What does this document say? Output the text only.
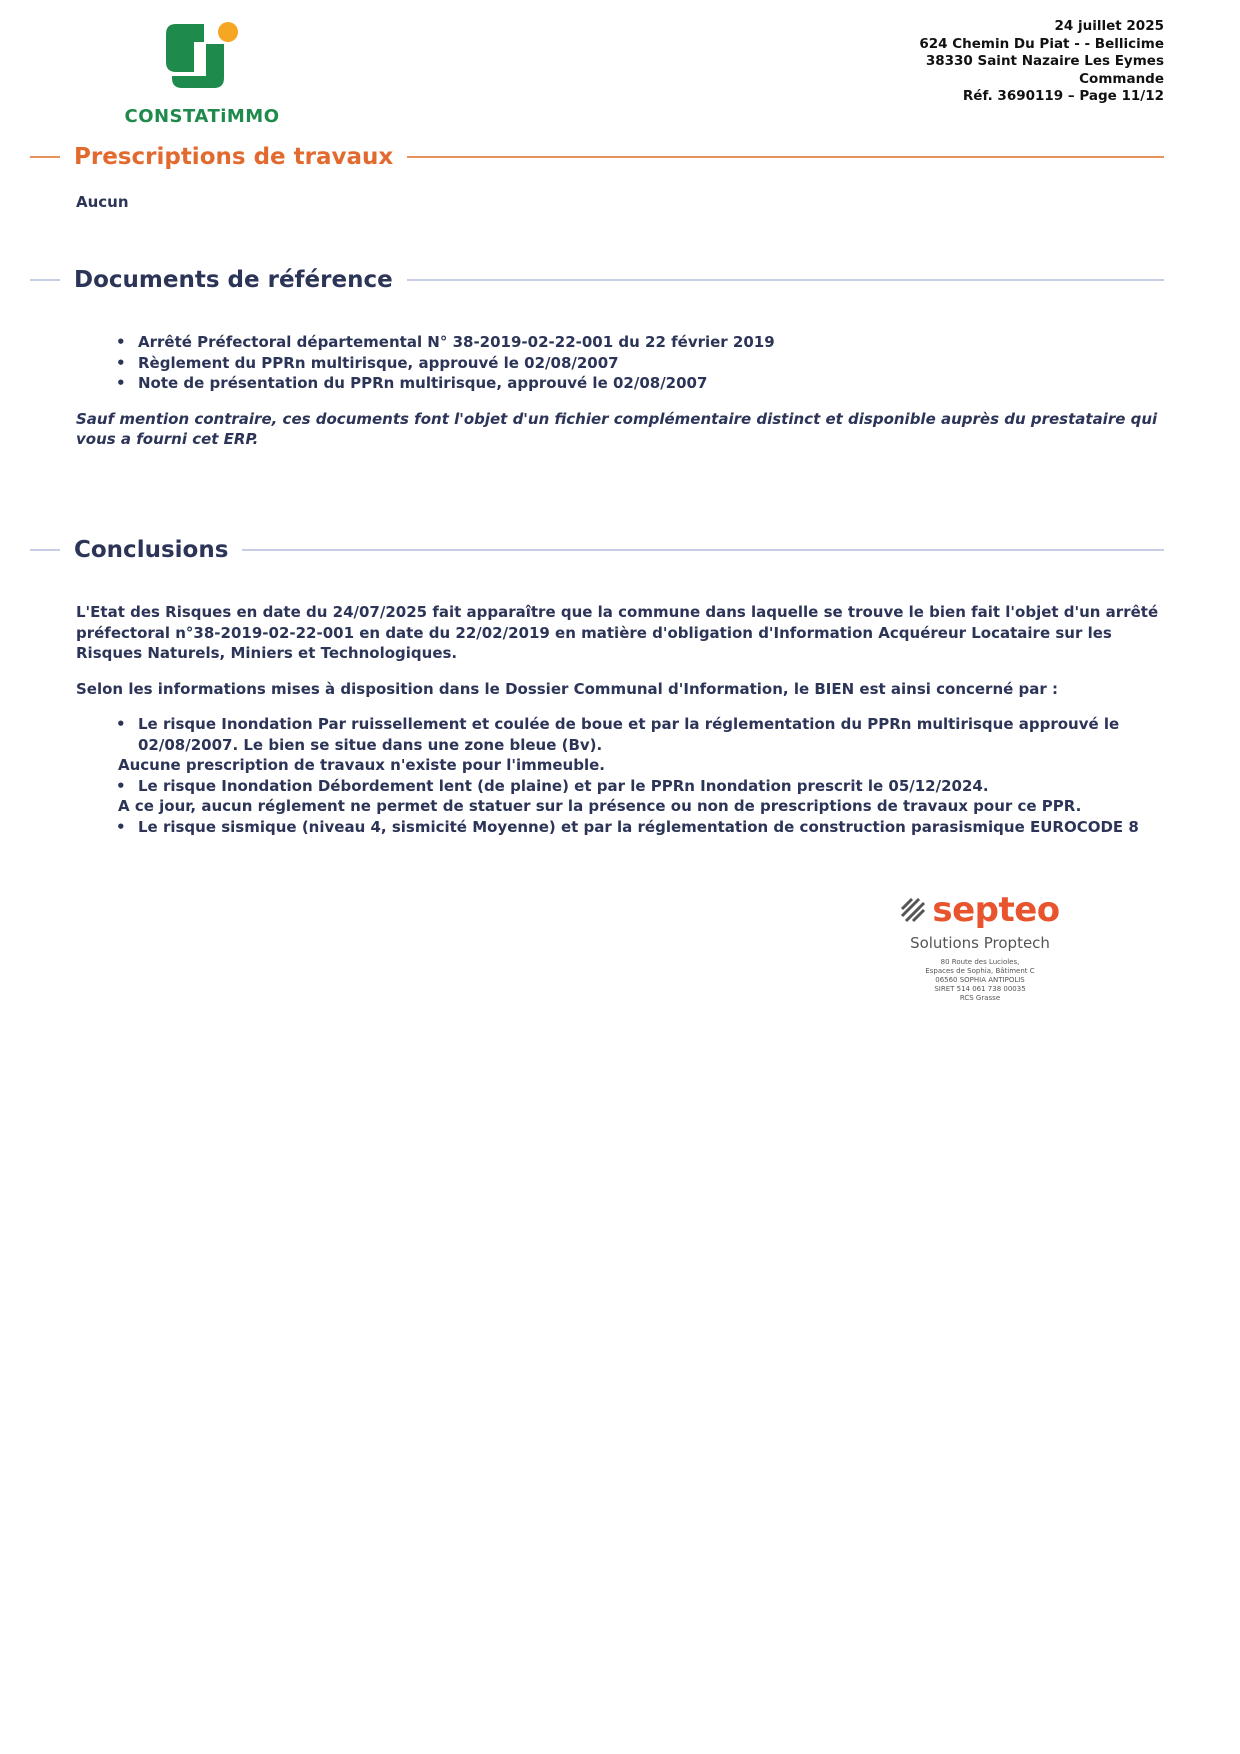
CONSTATiMMO
24 juillet 2025
624 Chemin Du Piat - - Bellicime
38330 Saint Nazaire Les Eymes
Commande
Réf. 3690119 – Page 11/12
Prescriptions de travaux
Aucun
Documents de référence
• Arrêté Préfectoral départemental N° 38-2019-02-22-001 du 22 février 2019
• Règlement du PPRn multirisque, approuvé le 02/08/2007
• Note de présentation du PPRn multirisque, approuvé le 02/08/2007
Sauf mention contraire, ces documents font l'objet d'un fichier complémentaire distinct et disponible auprès du prestataire qui vous a fourni cet ERP.
Conclusions
L'Etat des Risques en date du 24/07/2025 fait apparaître que la commune dans laquelle se trouve le bien fait l'objet d'un arrêté préfectoral n°38-2019-02-22-001 en date du 22/02/2019 en matière d'obligation d'Information Acquéreur Locataire sur les Risques Naturels, Miniers et Technologiques.
Selon les informations mises à disposition dans le Dossier Communal d'Information, le BIEN est ainsi concerné par :
• Le risque Inondation Par ruissellement et coulée de boue et par la réglementation du PPRn multirisque approuvé le 02/08/2007. Le bien se situe dans une zone bleue (Bv).
Aucune prescription de travaux n'existe pour l'immeuble.
• Le risque Inondation Débordement lent (de plaine) et par le PPRn Inondation prescrit le 05/12/2024.
A ce jour, aucun réglement ne permet de statuer sur la présence ou non de prescriptions de travaux pour ce PPR.
• Le risque sismique (niveau 4, sismicité Moyenne) et par la réglementation de construction parasismique EUROCODE 8
septeo
Solutions Proptech
80 Route des Lucioles,
Espaces de Sophia, Bâtiment C
06560 SOPHIA ANTIPOLIS
SIRET 514 061 738 00035
RCS Grasse
